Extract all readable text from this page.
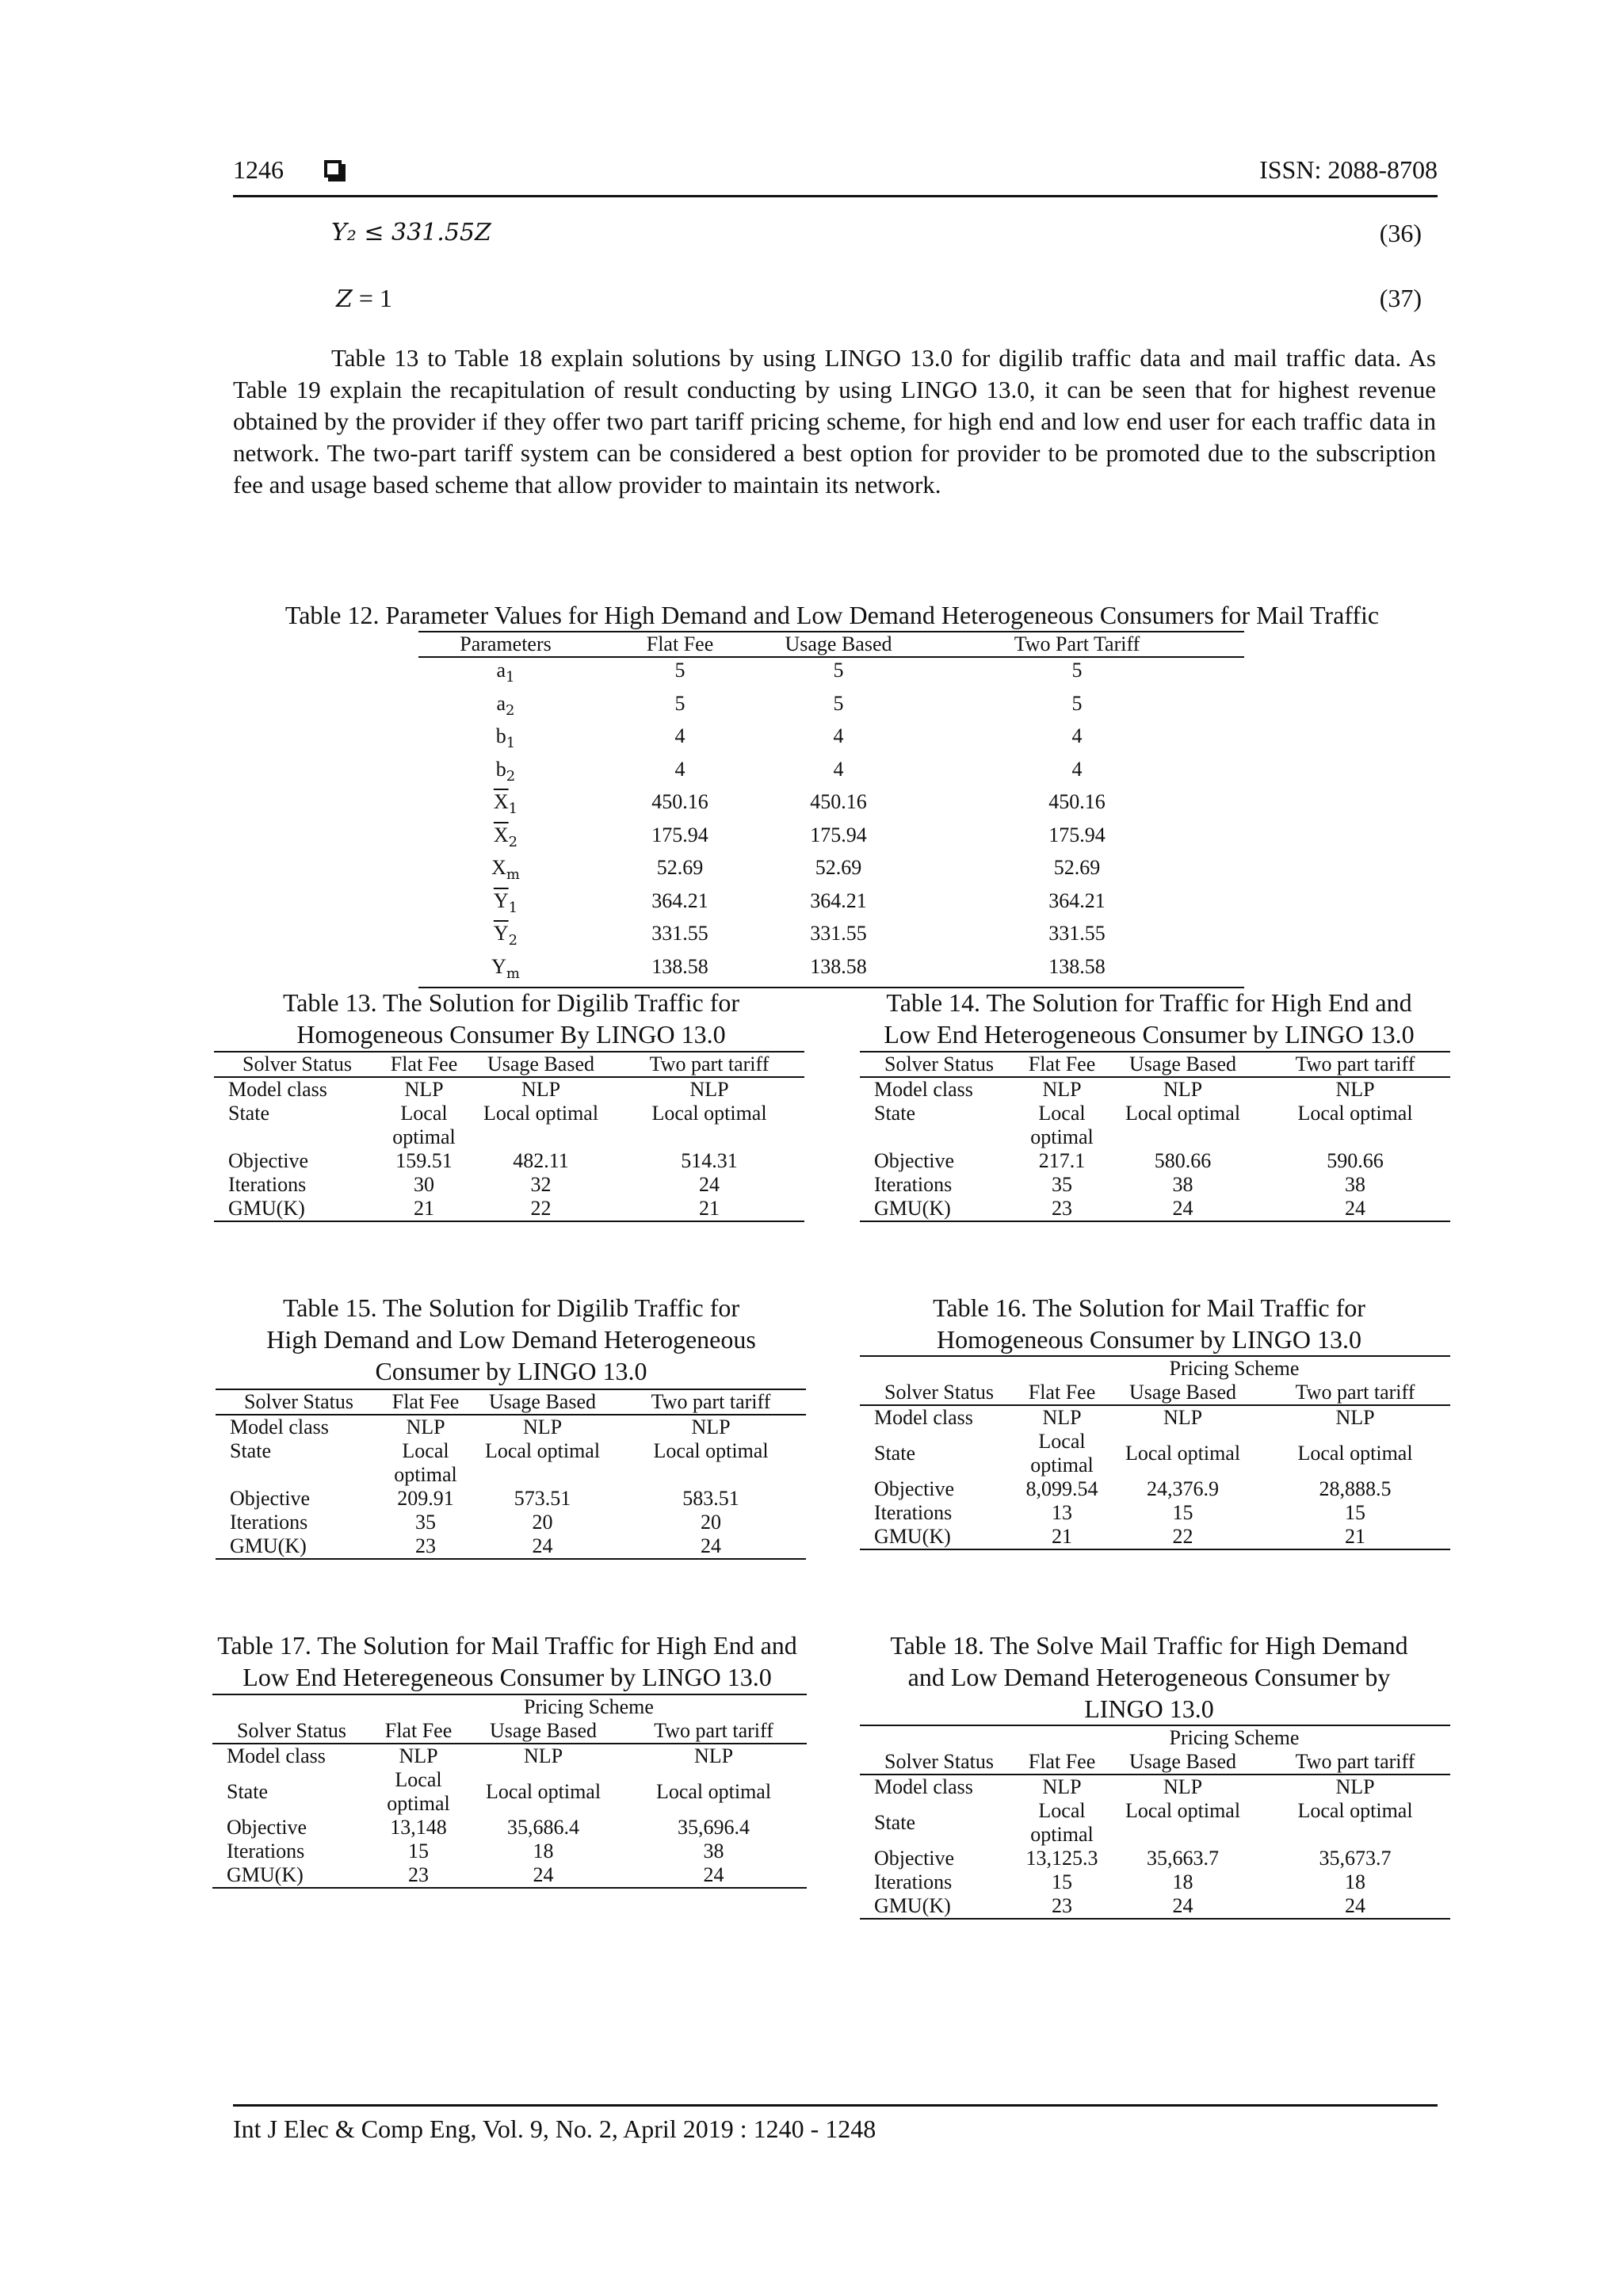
1246	ISSN: 2088-8708
Y₂ ≤ 331.55Z	(36)
Z = 1	(37)
Table 13 to Table 18 explain solutions by using LINGO 13.0 for digilib traffic data and mail traffic data. As Table 19 explain the recapitulation of result conducting by using LINGO 13.0, it can be seen that for highest revenue obtained by the provider if they offer two part tariff pricing scheme, for high end and low end user for each traffic data in network. The two-part tariff system can be considered a best option for provider to be promoted due to the subscription fee and usage based scheme that allow provider to maintain its network.
Table 12. Parameter Values for High Demand and Low Demand Heterogeneous Consumers for Mail Traffic
Parameters	Flat Fee	Usage Based	Two Part Tariff
$a_1$	5	5	5
$a_2$	5	5	5
$b_1$	4	4	4
$b_2$	4	4	4
$\overline{X}_1$	450.16	450.16	450.16
$\overline{X}_2$	175.94	175.94	175.94
$X_m$	52.69	52.69	52.69
$\overline{Y}_1$	364.21	364.21	364.21
$\overline{Y}_2$	331.55	331.55	331.55
$Y_m$	138.58	138.58	138.58
Table 13. The Solution for Digilib Traffic for
Homogeneous Consumer By LINGO 13.0
Solver Status	Flat Fee	Usage Based	Two part tariff
Model class	NLP	NLP	NLP
State	Local optimal	Local optimal	Local optimal
Objective	159.51	482.11	514.31
Iterations	30	32	24
GMU(K)	21	22	21
Table 14. The Solution for Traffic for High End and
Low End Heterogeneous Consumer by LINGO 13.0
Solver Status	Flat Fee	Usage Based	Two part tariff
Model class	NLP	NLP	NLP
State	Local optimal	Local optimal	Local optimal
Objective	217.1	580.66	590.66
Iterations	35	38	38
GMU(K)	23	24	24
Table 15. The Solution for Digilib Traffic for
High Demand and Low Demand Heterogeneous
Consumer by LINGO 13.0
Solver Status	Flat Fee	Usage Based	Two part tariff
Model class	NLP	NLP	NLP
State	Local optimal	Local optimal	Local optimal
Objective	209.91	573.51	583.51
Iterations	35	20	20
GMU(K)	23	24	24
Table 16. The Solution for Mail Traffic for
Homogeneous Consumer by LINGO 13.0
	Pricing Scheme		
Solver Status	Flat Fee	Usage Based	Two part tariff
Model class	NLP	NLP	NLP
State	Local optimal	Local optimal	Local optimal
Objective	8,099.54	24,376.9	28,888.5
Iterations	13	15	15
GMU(K)	21	22	21
Table 17. The Solution for Mail Traffic for High End and
Low End Heteregeneous Consumer by LINGO 13.0
	Pricing Scheme		
Solver Status	Flat Fee	Usage Based	Two part tariff
Model class	NLP	NLP	NLP
State	Local optimal	Local optimal	Local optimal
Objective	13,148	35,686.4	35,696.4
Iterations	15	18	38
GMU(K)	23	24	24
Table 18. The Solve Mail Traffic for High Demand
and Low Demand Heterogeneous Consumer by
LINGO 13.0
	Pricing Scheme		
Solver Status	Flat Fee	Usage Based	Two part tariff
Model class	NLP	NLP	NLP
State	Local optimal	Local optimal	Local optimal
Objective	13,125.3	35,663.7	35,673.7
Iterations	15	18	18
GMU(K)	23	24	24
Int J Elec & Comp Eng, Vol. 9, No. 2, April 2019 : 1240 - 1248
